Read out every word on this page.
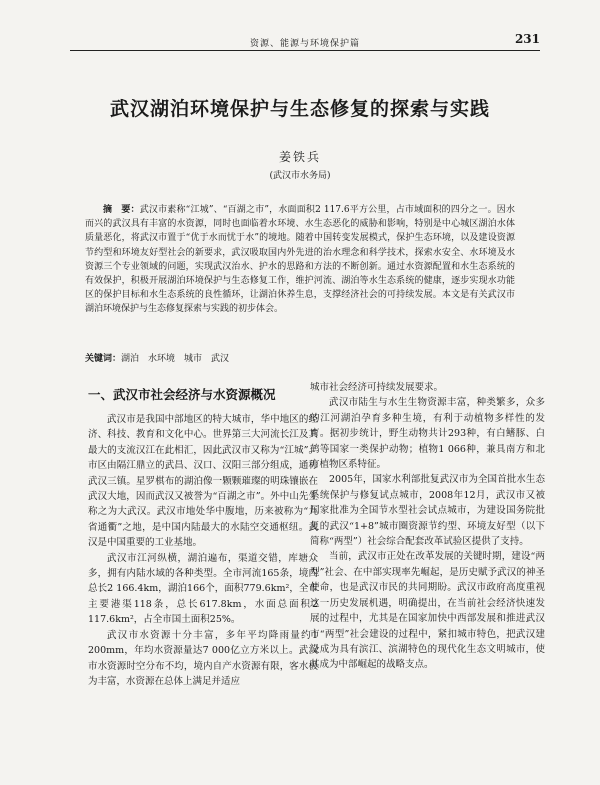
资源、能源与环境保护篇	231
武汉湖泊环境保护与生态修复的探索与实践
姜铁兵
(武汉市水务局)
摘　要：武汉市素称“江城”、“百湖之市”，水面面积2 117.6平方公里，占市域面积的四分之一。因水而兴的武汉具有丰富的水资源，同时也面临着水环境、水生态恶化的威胁和影响，特别是中心城区湖泊水体质量恶化，将武汉市置于“优于水而忧于水”的境地。随着中国转变发展模式，保护生态环境，以及建设资源节约型和环境友好型社会的新要求，武汉吸取国内外先进的治水理念和科学技术，探索水安全、水环境及水资源三个专业领域的问题，实现武汉治水、护水的思路和方法的不断创新。通过水资源配置和水生态系统的有效保护，积极开展湖泊环境保护与生态修复工作，维护河流、湖泊等水生态系统的健康，逐步实现水功能区的保护目标和水生态系统的良性循环，让湖泊休养生息，支撑经济社会的可持续发展。本文是有关武汉市湖泊环境保护与生态修复探索与实践的初步体会。
关键词：湖泊　水环境　城市　武汉
一、武汉市社会经济与水资源概况

武汉市是我国中部地区的特大城市，华中地区的经济、科技、教育和文化中心。世界第三大河流长江及其最大的支流汉江在此相汇，因此武汉市又称为“江城”。市区由隔江鼎立的武昌、汉口、汉阳三部分组成，通称武汉三镇。星罗棋布的湖泊像一颗颗璀璨的明珠镶嵌在武汉大地，因而武汉又被誉为“百湖之市”。外中山先生称之为大武汉。武汉市地处华中腹地，历来被称为“九省通衢”之地，是中国内陆最大的水陆空交通枢纽。武汉是中国重要的工业基地。

武汉市江河纵横，湖泊遍布，渠道交错，库塘众多，拥有内陆水域的各种类型。全市河流165条，境内总长2 166.4km，湖泊166个，面积779.6km²，全市主要港渠118条，总长617.8km，水面总面积2 117.6km²，占全市国土面积25%。

武汉市水资源十分丰富，多年平均降雨量约1 200mm，年均水资源量达7 000亿立方米以上。武汉市水资源时空分布不均，境内自产水资源有限，客水极为丰富，水资源在总体上满足并适应

城市社会经济可持续发展要求。

武汉市陆生与水生生物资源丰富，种类繁多，众多的江河湖泊孕育多种生境，有利于动植物多样性的发育。据初步统计，野生动物共计293种，有白鳍豚、白鹤等国家一类保护动物；植物1 066种，兼具南方和北方植物区系特征。

2005年，国家水利部批复武汉市为全国首批水生态系统保护与修复试点城市，2008年12月，武汉市又被国家批准为全国节水型社会试点城市，为建设国务院批复的武汉“1+8”城市圈资源节约型、环境友好型（以下简称“两型”）社会综合配套改革试验区提供了支持。

当前，武汉市正处在改革发展的关键时期，建设“两型”社会、在中部实现率先崛起，是历史赋予武汉的神圣使命，也是武汉市民的共同期盼。武汉市政府高度重视这一历史发展机遇，明确提出，在当前社会经济快速发展的过程中，尤其是在国家加快中西部发展和推进武汉市“两型”社会建设的过程中，紧扣城市特色，把武汉建设成为具有滨江、滨湖特色的现代化生态文明城市，使其成为中部崛起的战略支点。
